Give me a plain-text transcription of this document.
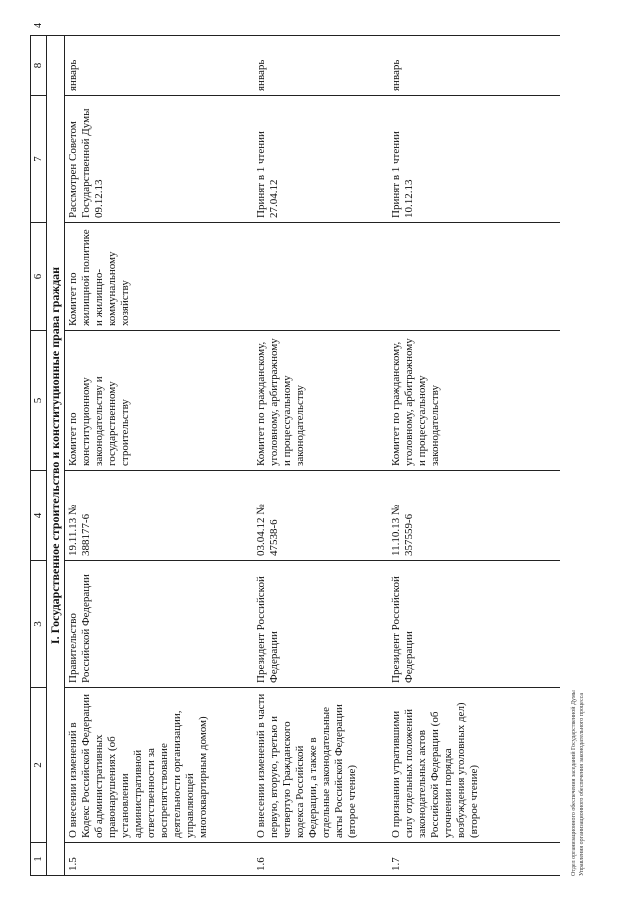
1	2	3	4	5	6	7	8
I. Государственное строительство и конституционные права граждан							
1.5	О внесении изменений в Кодекс Российской Федерации об административных правонарушениях (об установлении административной ответственности за воспрепятствование деятельности организации, управляющей многоквартирным домом)	Правительство Российской Федерации	19.11.13 № 388177-6	Комитет по конституционному законодательству и государственному строительству	Комитет по жилищной политике и жилищно-коммунальному хозяйству	Рассмотрен Советом Государственной Думы 09.12.13	январь
1.6	О внесении изменений в части первую, вторую, третью и четвертую Гражданского кодекса Российской Федерации, а также в отдельные законодательные акты Российской Федерации (второе чтение)	Президент Российской Федерации	03.04.12 № 47538-6	Комитет по гражданскому, уголовному, арбитражному и процессуальному законодательству		Принят в 1 чтении 27.04.12	январь
1.7	О признании утратившими силу отдельных положений законодательных актов Российской Федерации (об уточнении порядка возбуждения уголовных дел) (второе чтение)	Президент Российской Федерации	11.10.13 № 357559-6	Комитет по гражданскому, уголовному, арбитражному и процессуальному законодательству		Принят в 1 чтении 10.12.13	январь
Отдел организационного обеспечения заседаний Государственной Думы Управления организационного обеспечения законодательного процесса
4
